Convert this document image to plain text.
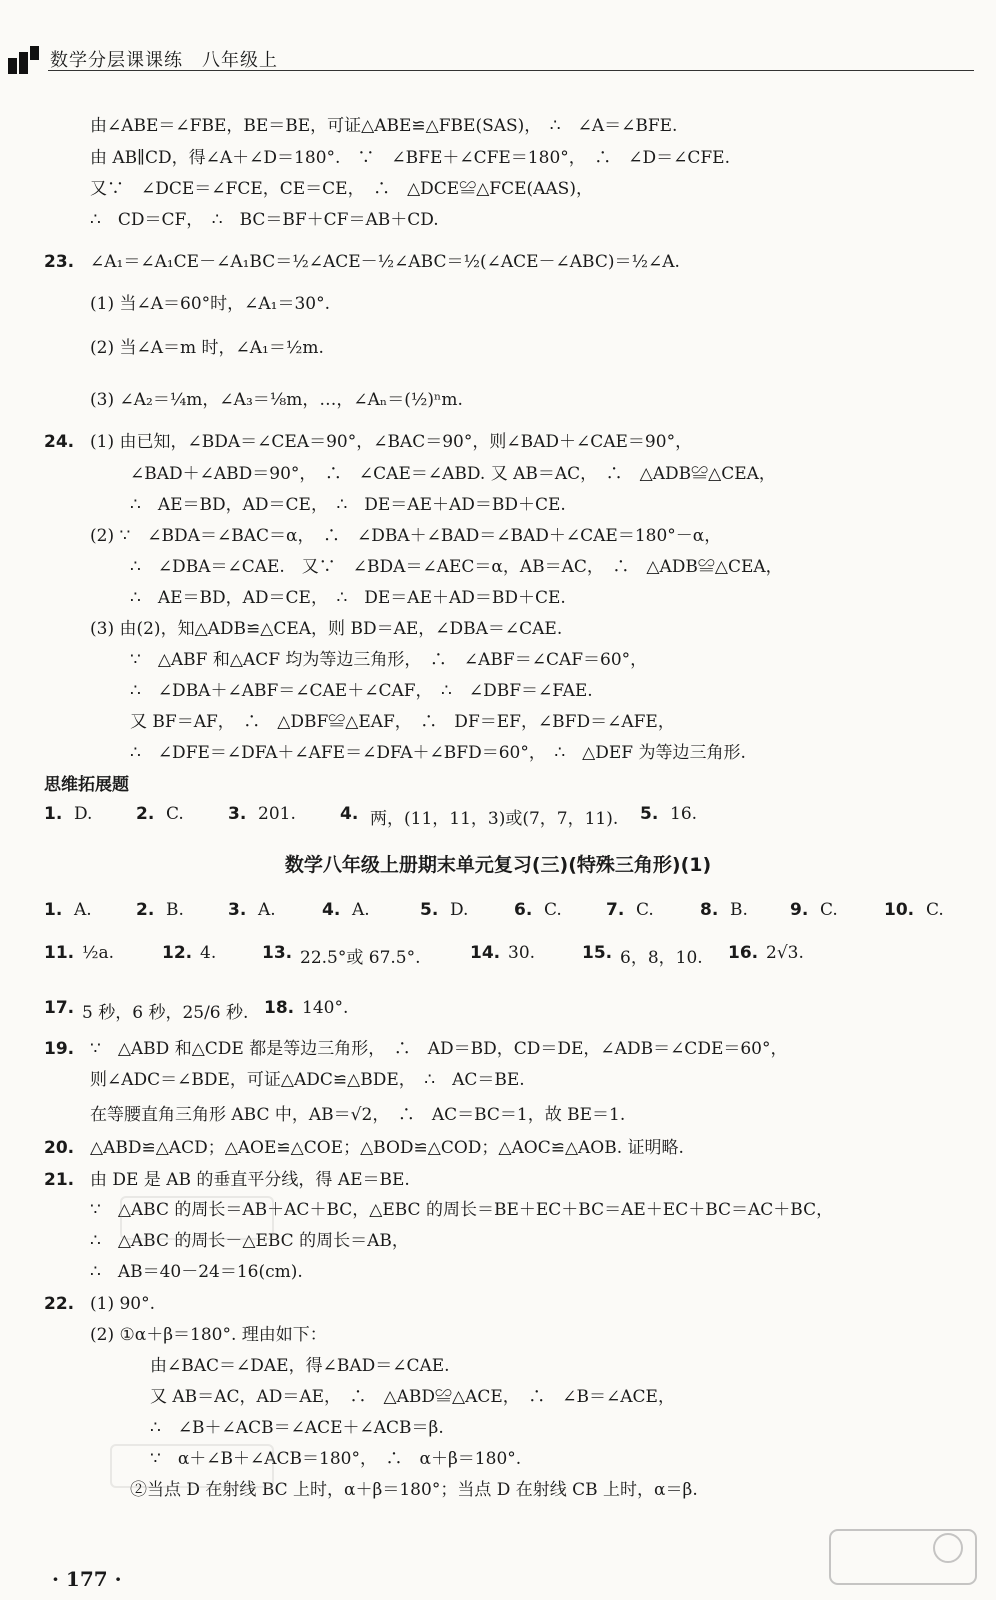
数学分层课课练　八年级上
由∠ABE＝∠FBE，BE＝BE，可证△ABE≌△FBE(SAS)，　∴　∠A＝∠BFE.
由 AB∥CD，得∠A＋∠D＝180°.　∵　∠BFE＋∠CFE＝180°，　∴　∠D＝∠CFE.
又∵　∠DCE＝∠FCE，CE＝CE，　∴　△DCE≌△FCE(AAS)，
∴　CD＝CF，　∴　BC＝BF＋CF＝AB＋CD.
23. ∠A₁＝∠A₁CE－∠A₁BC＝½∠ACE－½∠ABC＝½(∠ACE－∠ABC)＝½∠A.
(1) 当∠A＝60°时，∠A₁＝30°.
(2) 当∠A＝m 时，∠A₁＝½m.
(3) ∠A₂＝¼m，∠A₃＝⅛m，…，∠Aₙ＝(½)ⁿm.
24. (1) 由已知，∠BDA＝∠CEA＝90°，∠BAC＝90°，则∠BAD＋∠CAE＝90°，
∠BAD＋∠ABD＝90°，　∴　∠CAE＝∠ABD. 又 AB＝AC，　∴　△ADB≌△CEA，
∴　AE＝BD，AD＝CE，　∴　DE＝AE＋AD＝BD＋CE.
(2) ∵　∠BDA＝∠BAC＝α，　∴　∠DBA＋∠BAD＝∠BAD＋∠CAE＝180°－α，
∴　∠DBA＝∠CAE.　又∵　∠BDA＝∠AEC＝α，AB＝AC，　∴　△ADB≌△CEA，
∴　AE＝BD，AD＝CE，　∴　DE＝AE＋AD＝BD＋CE.
(3) 由(2)，知△ADB≌△CEA，则 BD＝AE，∠DBA＝∠CAE.
∵　△ABF 和△ACF 均为等边三角形，　∴　∠ABF＝∠CAF＝60°，
∴　∠DBA＋∠ABF＝∠CAE＋∠CAF，　∴　∠DBF＝∠FAE.
又 BF＝AF，　∴　△DBF≌△EAF，　∴　DF＝EF，∠BFD＝∠AFE，
∴　∠DFE＝∠DFA＋∠AFE＝∠DFA＋∠BFD＝60°，　∴　△DEF 为等边三角形.
思维拓展题
1. D.	2. C.	3. 201.	4. 两，(11，11，3)或(7，7，11). 5. 16.
数学八年级上册期末单元复习(三)(特殊三角形)(1)
1. A.	2. B.	3. A.	4. A.	5. D.	6. C.	7. C.	8. B. 9. C.	10. C.
11. ½a.	12. 4.	13. 22.5°或 67.5°.	14. 30.	15. 6，8，10. 16. 2√3.
17. 5 秒，6 秒，25/6 秒. 18. 140°.
19. ∵　△ABD 和△CDE 都是等边三角形，　∴　AD＝BD，CD＝DE，∠ADB＝∠CDE＝60°，
则∠ADC＝∠BDE，可证△ADC≌△BDE，　∴　AC＝BE.
在等腰直角三角形 ABC 中，AB＝√2，　∴　AC＝BC＝1，故 BE＝1.
20. △ABD≌△ACD；△AOE≌△COE；△BOD≌△COD；△AOC≌△AOB. 证明略.
21. 由 DE 是 AB 的垂直平分线，得 AE＝BE.
∵　△ABC 的周长＝AB＋AC＋BC，△EBC 的周长＝BE＋EC＋BC＝AE＋EC＋BC＝AC＋BC，
∴　△ABC 的周长－△EBC 的周长＝AB，
∴　AB＝40－24＝16(cm).
22. (1) 90°.
(2) ①α＋β＝180°. 理由如下：
由∠BAC＝∠DAE，得∠BAD＝∠CAE.
又 AB＝AC，AD＝AE，　∴　△ABD≌△ACE，　∴　∠B＝∠ACE，
∴　∠B＋∠ACB＝∠ACE＋∠ACB＝β.
∵　α＋∠B＋∠ACB＝180°，　∴　α＋β＝180°.
②当点 D 在射线 BC 上时，α＋β＝180°；当点 D 在射线 CB 上时，α＝β.
· 177 ·
